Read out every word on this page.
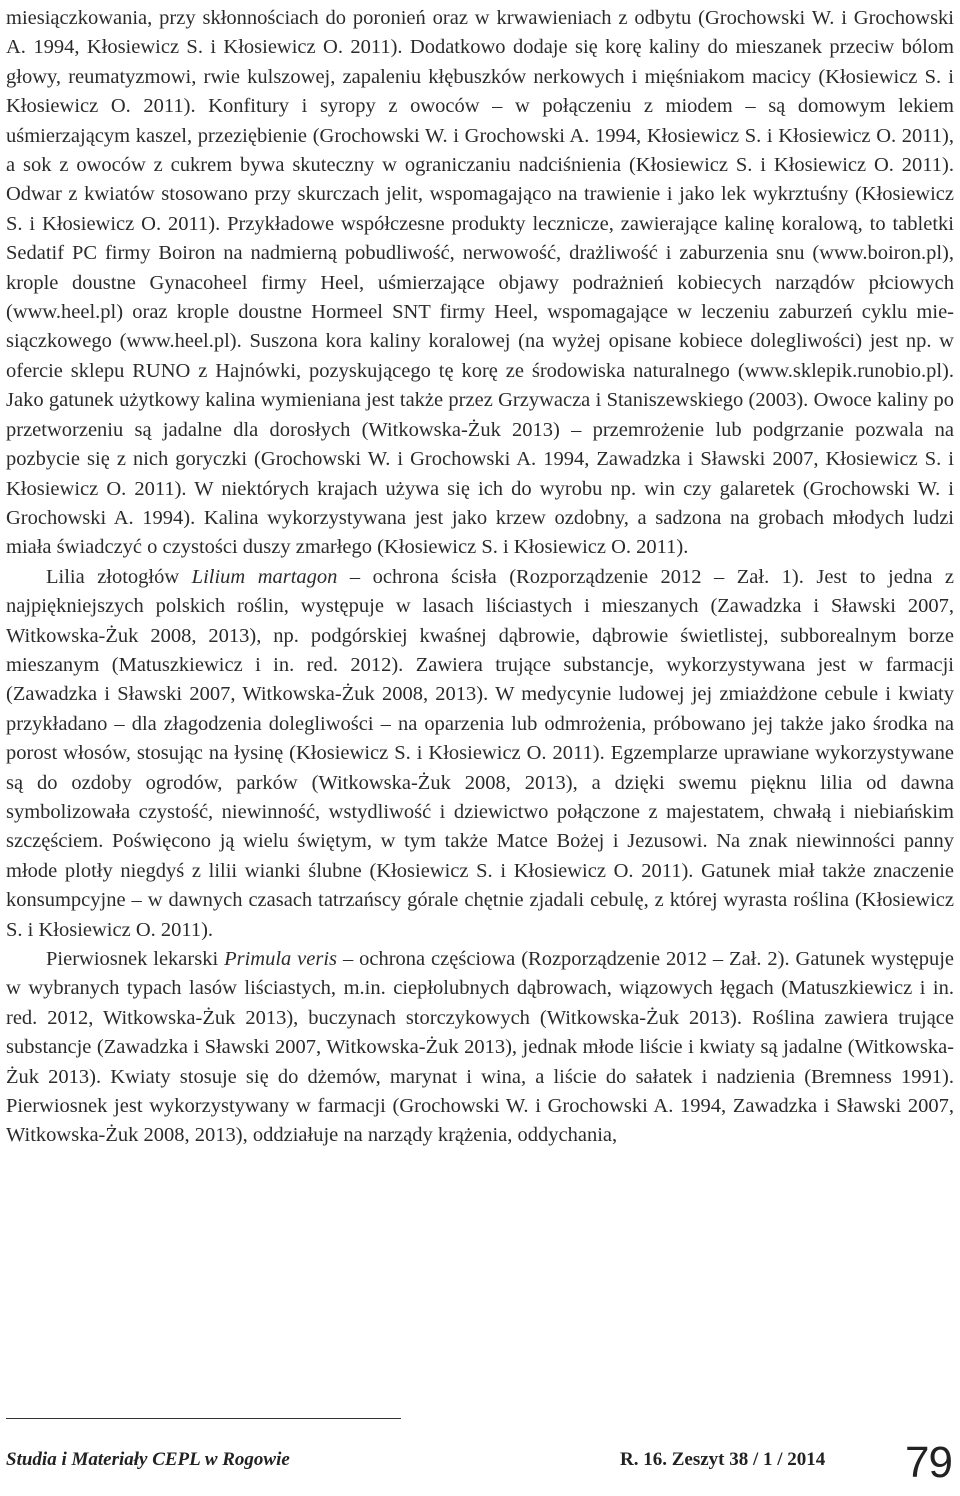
miesiączkowania, przy skłonnościach do poronień oraz w krwawieniach z odbytu (Grochowski W. i Grochowski A. 1994, Kłosiewicz S. i Kłosiewicz O. 2011). Dodatkowo dodaje się korę kaliny do mieszanek przeciw bólom głowy, reumatyzmowi, rwie kulszowej, zapaleniu kłębuszków nerkowych i mięśniakom macicy (Kłosiewicz S. i Kłosiewicz O. 2011). Konfitury i syropy z owoców – w połączeniu z miodem – są domowym lekiem uśmierzającym kaszel, przeziębienie (Grochowski W. i Grochowski A. 1994, Kłosiewicz S. i Kłosiewicz O. 2011), a sok z owoców z cukrem bywa skuteczny w ograniczaniu nadciśnienia (Kłosiewicz S. i Kłosiewicz O. 2011). Odwar z kwiatów stosowano przy skurczach jelit, wspomagająco na trawienie i jako lek wykrztuśny (Kłosiewicz S. i Kłosiewicz O. 2011). Przykładowe współczesne produkty lecznicze, zawierające kalinę koralową, to tabletki Sedatif PC firmy Boiron na nadmierną pobudliwość, nerwowość, drażliwość i zaburzenia snu (www.boiron.pl), krople doustne Gynacoheel firmy Heel, uśmierzające objawy podrażnień kobiecych narządów płciowych (www.heel.pl) oraz krople doustne Hormeel SNT firmy Heel, wspomagające w leczeniu zaburzeń cyklu miesiączkowego (www.heel.pl). Suszona kora kaliny koralowej (na wyżej opisane kobiece dolegliwości) jest np. w ofercie sklepu RUNO z Hajnówki, pozyskującego tę korę ze środowiska naturalnego (www.sklepik.runobio.pl). Jako gatunek użytkowy kalina wymieniana jest także przez Grzywacza i Staniszewskiego (2003). Owoce kaliny po przetworzeniu są jadalne dla dorosłych (Witkowska-Żuk 2013) – przemrożenie lub podgrzanie pozwala na pozbycie się z nich goryczki (Grochowski W. i Grochowski A. 1994, Zawadzka i Sławski 2007, Kłosiewicz S. i Kłosiewicz O. 2011). W niektórych krajach używa się ich do wyrobu np. win czy galaretek (Grochowski W. i Grochowski A. 1994). Kalina wykorzystywana jest jako krzew ozdobny, a sadzona na grobach młodych ludzi miała świadczyć o czystości duszy zmarłego (Kłosiewicz S. i Kłosiewicz O. 2011).

Lilia złotogłów Lilium martagon – ochrona ścisła (Rozporządzenie 2012 – Zał. 1). Jest to jedna z najpiękniejszych polskich roślin, występuje w lasach liściastych i mieszanych (Zawadzka i Sławski 2007, Witkowska-Żuk 2008, 2013), np. podgórskiej kwaśnej dąbrowie, dąbrowie świetlistej, subborealnym borze mieszanym (Matuszkiewicz i in. red. 2012). Zawiera trujące substancje, wykorzystywana jest w farmacji (Zawadzka i Sławski 2007, Witkowska-Żuk 2008, 2013). W medycynie ludowej jej zmiażdżone cebule i kwiaty przykładano – dla złagodzenia dolegliwości – na oparzenia lub odmrożenia, próbowano jej także jako środka na porost włosów, stosując na łysinę (Kłosiewicz S. i Kłosiewicz O. 2011). Egzemplarze uprawiane wykorzystywane są do ozdoby ogrodów, parków (Witkowska-Żuk 2008, 2013), a dzięki swemu pięknu lilia od dawna symbolizowała czystość, niewinność, wstydliwość i dziewictwo połączone z majestatem, chwałą i niebiańskim szczęściem. Poświęcono ją wielu świętym, w tym także Matce Bożej i Jezusowi. Na znak niewinności panny młode plotły niegdyś z lilii wianki ślubne (Kłosiewicz S. i Kłosiewicz O. 2011). Gatunek miał także znaczenie konsumpcyjne – w dawnych czasach tatrzańscy górale chętnie zjadali cebulę, z której wyrasta roślina (Kłosiewicz S. i Kłosiewicz O. 2011).

Pierwiosnek lekarski Primula veris – ochrona częściowa (Rozporządzenie 2012 – Zał. 2). Gatunek występuje w wybranych typach lasów liściastych, m.in. ciepłolubnych dąbrowach, wiązowych łęgach (Matuszkiewicz i in. red. 2012, Witkowska-Żuk 2013), buczynach storczykowych (Witkowska-Żuk 2013). Roślina zawiera trujące substancje (Zawadzka i Sławski 2007, Witkowska-Żuk 2013), jednak młode liście i kwiaty są jadalne (Witkowska-Żuk 2013). Kwiaty stosuje się do dżemów, marynat i wina, a liście do sałatek i nadzienia (Bremness 1991). Pierwiosnek jest wykorzystywany w farmacji (Grochowski W. i Grochowski A. 1994, Zawadzka i Sławski 2007, Witkowska-Żuk 2008, 2013), oddziałuje na narządy krążenia, oddychania,

Studia i Materiały CEPL w Rogowie	R. 16. Zeszyt 38 / 1 / 2014 79
